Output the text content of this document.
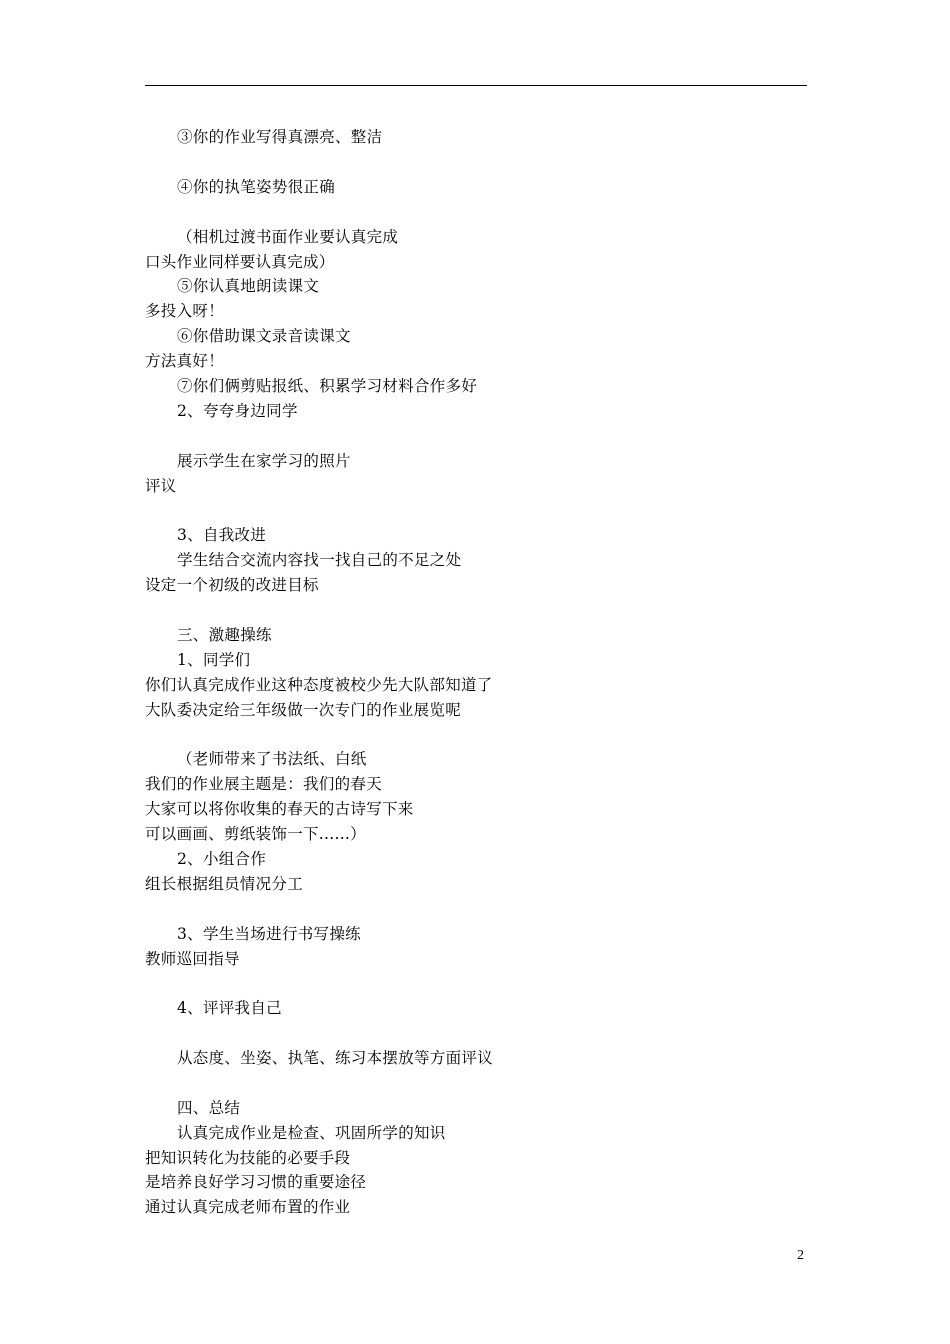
③你的作业写得真漂亮、整洁
④你的执笔姿势很正确
（相机过渡书面作业要认真完成
口头作业同样要认真完成）
⑤你认真地朗读课文
多投入呀！
⑥你借助课文录音读课文
方法真好！
⑦你们俩剪贴报纸、积累学习材料合作多好
2、夸夸身边同学
展示学生在家学习的照片
评议
3、自我改进
学生结合交流内容找一找自己的不足之处
设定一个初级的改进目标
三、激趣操练
1、同学们
你们认真完成作业这种态度被校少先大队部知道了
大队委决定给三年级做一次专门的作业展览呢
（老师带来了书法纸、白纸
我们的作业展主题是：我们的春天
大家可以将你收集的春天的古诗写下来
可以画画、剪纸装饰一下......）
2、小组合作
组长根据组员情况分工
3、学生当场进行书写操练
教师巡回指导
4、评评我自己
从态度、坐姿、执笔、练习本摆放等方面评议
四、总结
认真完成作业是检查、巩固所学的知识
把知识转化为技能的必要手段
是培养良好学习习惯的重要途径
通过认真完成老师布置的作业
2
